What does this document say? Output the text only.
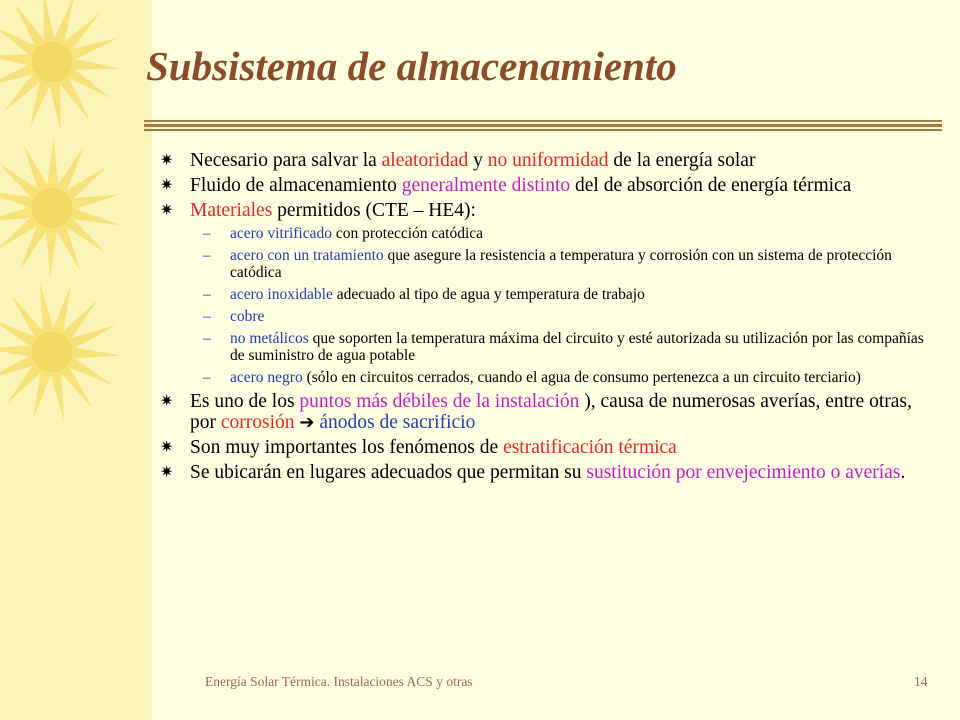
Subsistema de almacenamiento
✷ Necesario para salvar la aleatoridad y no uniformidad de la energía solar
✷ Fluido de almacenamiento generalmente distinto del de absorción de energía térmica
✷ Materiales permitidos (CTE – HE4):
– acero vitrificado con protección catódica
– acero con un tratamiento que asegure la resistencia a temperatura y corrosión con un sistema de protección catódica
– acero inoxidable adecuado al tipo de agua y temperatura de trabajo
– cobre
– no metálicos que soporten la temperatura máxima del circuito y esté autorizada su utilización por las compañías de suministro de agua potable
– acero negro (sólo en circuitos cerrados, cuando el agua de consumo pertenezca a un circuito terciario)
✷ Es uno de los puntos más débiles de la instalación ), causa de numerosas averías, entre otras, por corrosión ➔ ánodos de sacrificio
✷ Son muy importantes los fenómenos de estratificación térmica
✷ Se ubicarán en lugares adecuados que permitan su sustitución por envejecimiento o averías.
Energía Solar Térmica. Instalaciones ACS y otras	14
